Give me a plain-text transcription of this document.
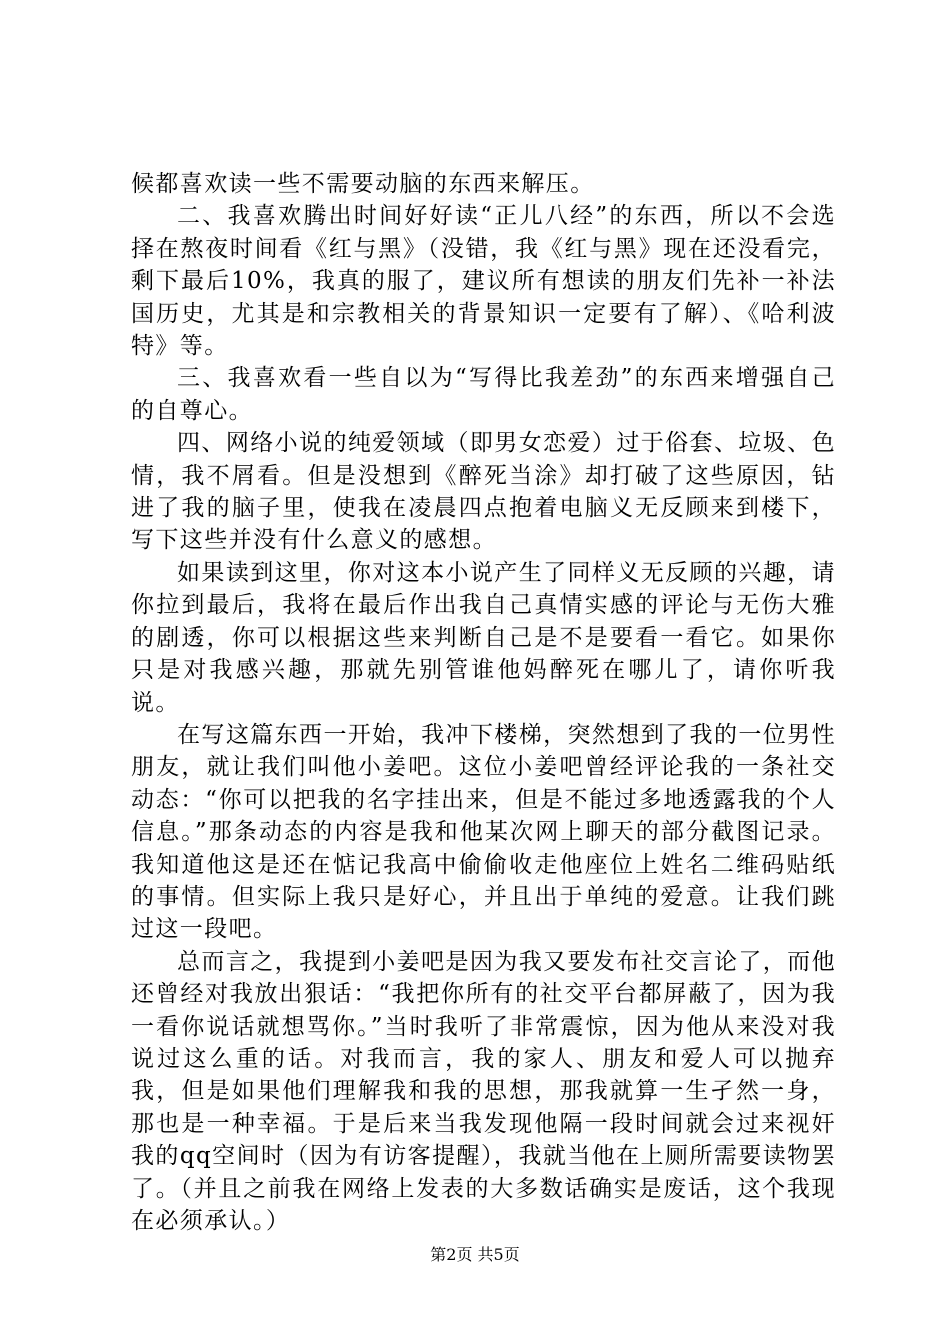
候都喜欢读一些不需要动脑的东西来解压。

二、我喜欢腾出时间好好读“正儿八经”的东西，所以不会选择在熬夜时间看《红与黑》（没错，我《红与黑》现在还没看完，剩下最后10%，我真的服了，建议所有想读的朋友们先补一补法国历史，尤其是和宗教相关的背景知识一定要有了解）、《哈利波特》等。

三、我喜欢看一些自以为“写得比我差劲”的东西来增强自己的自尊心。

四、网络小说的纯爱领域（即男女恋爱）过于俗套、垃圾、色情，我不屑看。但是没想到《醉死当涂》却打破了这些原因，钻进了我的脑子里，使我在凌晨四点抱着电脑义无反顾来到楼下，写下这些并没有什么意义的感想。

如果读到这里，你对这本小说产生了同样义无反顾的兴趣，请你拉到最后，我将在最后作出我自己真情实感的评论与无伤大雅的剧透，你可以根据这些来判断自己是不是要看一看它。如果你只是对我感兴趣，那就先别管谁他妈醉死在哪儿了，请你听我说。

在写这篇东西一开始，我冲下楼梯，突然想到了我的一位男性朋友，就让我们叫他小姜吧。这位小姜吧曾经评论我的一条社交动态：“你可以把我的名字挂出来，但是不能过多地透露我的个人信息。”那条动态的内容是我和他某次网上聊天的部分截图记录。我知道他这是还在惦记我高中偷偷收走他座位上姓名二维码贴纸的事情。但实际上我只是好心，并且出于单纯的爱意。让我们跳过这一段吧。

总而言之，我提到小姜吧是因为我又要发布社交言论了，而他还曾经对我放出狠话：“我把你所有的社交平台都屏蔽了，因为我一看你说话就想骂你。”当时我听了非常震惊，因为他从来没对我说过这么重的话。对我而言，我的家人、朋友和爱人可以抛弃我，但是如果他们理解我和我的思想，那我就算一生孑然一身，那也是一种幸福。于是后来当我发现他隔一段时间就会过来视奸我的qq空间时（因为有访客提醒），我就当他在上厕所需要读物罢了。（并且之前我在网络上发表的大多数话确实是废话，这个我现在必须承认。）

第2页 共5页
